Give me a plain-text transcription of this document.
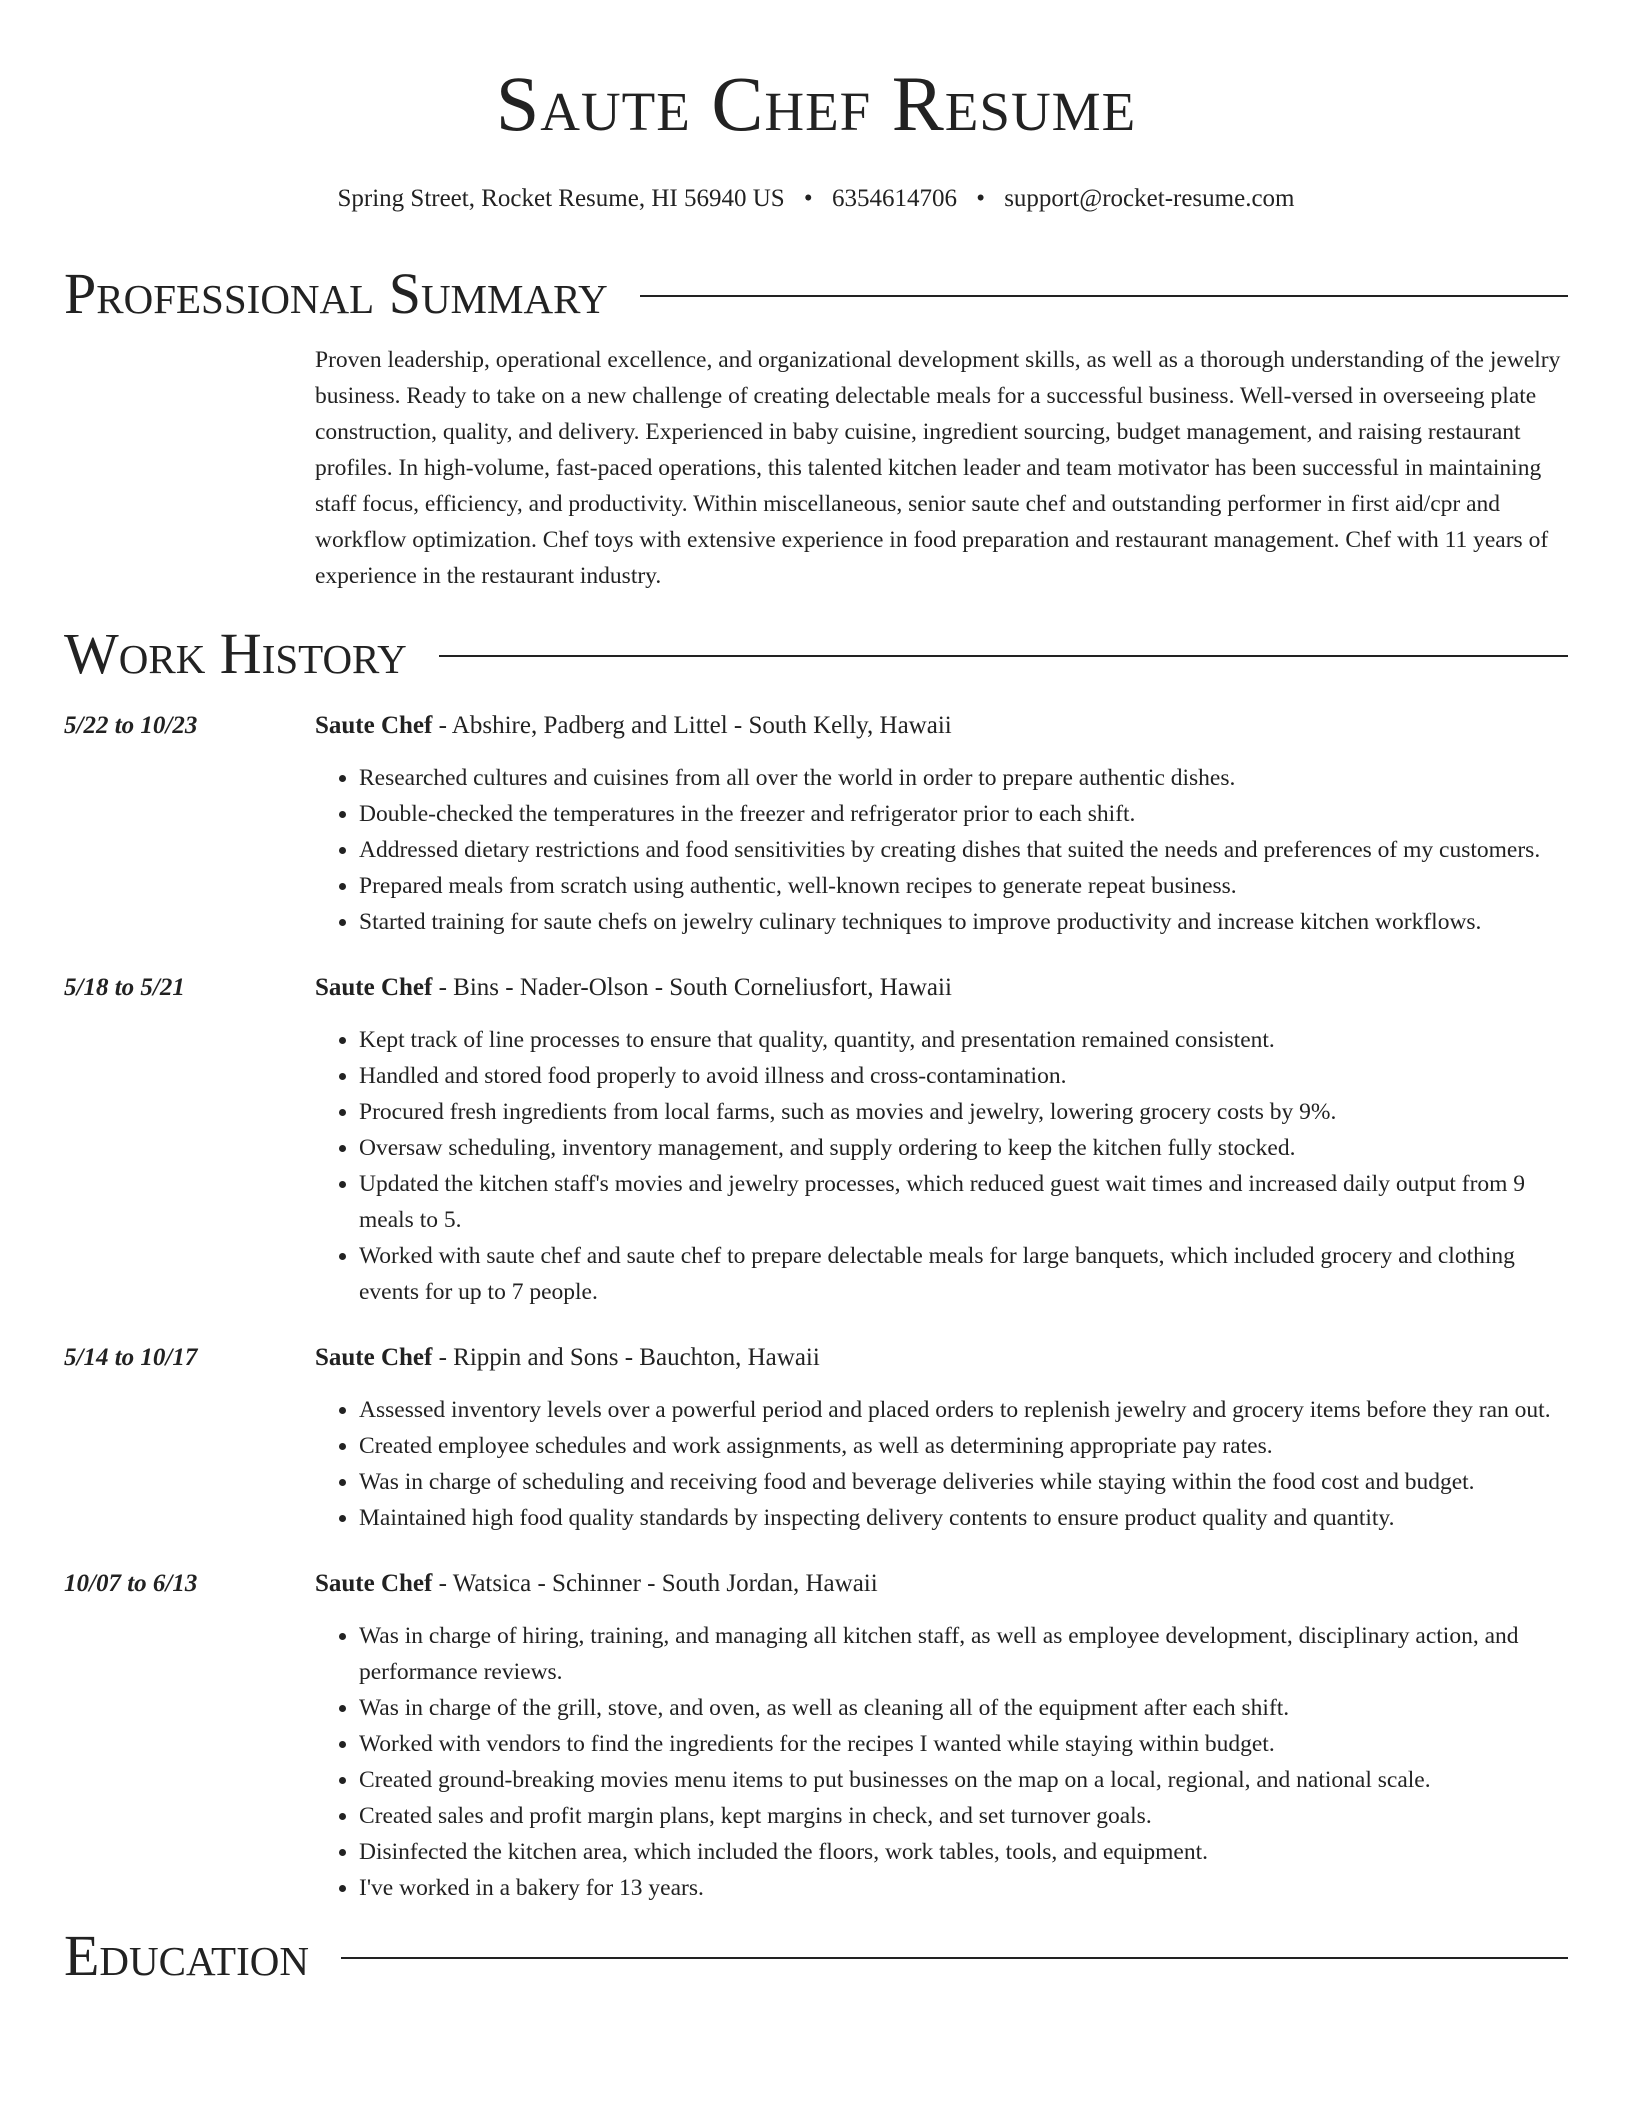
Saute Chef Resume
Spring Street, Rocket Resume, HI 56940 US • 6354614706 • support@rocket-resume.com
Professional Summary
Proven leadership, operational excellence, and organizational development skills, as well as a thorough understanding of the jewelry business. Ready to take on a new challenge of creating delectable meals for a successful business. Well-versed in overseeing plate construction, quality, and delivery. Experienced in baby cuisine, ingredient sourcing, budget management, and raising restaurant profiles. In high-volume, fast-paced operations, this talented kitchen leader and team motivator has been successful in maintaining staff focus, efficiency, and productivity. Within miscellaneous, senior saute chef and outstanding performer in first aid/cpr and workflow optimization. Chef toys with extensive experience in food preparation and restaurant management. Chef with 11 years of experience in the restaurant industry.
Work History
5/22 to 10/23	Saute Chef - Abshire, Padberg and Littel - South Kelly, Hawaii
• Researched cultures and cuisines from all over the world in order to prepare authentic dishes.
• Double-checked the temperatures in the freezer and refrigerator prior to each shift.
• Addressed dietary restrictions and food sensitivities by creating dishes that suited the needs and preferences of my customers.
• Prepared meals from scratch using authentic, well-known recipes to generate repeat business.
• Started training for saute chefs on jewelry culinary techniques to improve productivity and increase kitchen workflows.
5/18 to 5/21	Saute Chef - Bins - Nader-Olson - South Corneliusfort, Hawaii
• Kept track of line processes to ensure that quality, quantity, and presentation remained consistent.
• Handled and stored food properly to avoid illness and cross-contamination.
• Procured fresh ingredients from local farms, such as movies and jewelry, lowering grocery costs by 9%.
• Oversaw scheduling, inventory management, and supply ordering to keep the kitchen fully stocked.
• Updated the kitchen staff's movies and jewelry processes, which reduced guest wait times and increased daily output from 9 meals to 5.
• Worked with saute chef and saute chef to prepare delectable meals for large banquets, which included grocery and clothing events for up to 7 people.
5/14 to 10/17	Saute Chef - Rippin and Sons - Bauchton, Hawaii
• Assessed inventory levels over a powerful period and placed orders to replenish jewelry and grocery items before they ran out.
• Created employee schedules and work assignments, as well as determining appropriate pay rates.
• Was in charge of scheduling and receiving food and beverage deliveries while staying within the food cost and budget.
• Maintained high food quality standards by inspecting delivery contents to ensure product quality and quantity.
10/07 to 6/13	Saute Chef - Watsica - Schinner - South Jordan, Hawaii
• Was in charge of hiring, training, and managing all kitchen staff, as well as employee development, disciplinary action, and performance reviews.
• Was in charge of the grill, stove, and oven, as well as cleaning all of the equipment after each shift.
• Worked with vendors to find the ingredients for the recipes I wanted while staying within budget.
• Created ground-breaking movies menu items to put businesses on the map on a local, regional, and national scale.
• Created sales and profit margin plans, kept margins in check, and set turnover goals.
• Disinfected the kitchen area, which included the floors, work tables, tools, and equipment.
• I've worked in a bakery for 13 years.
Education
